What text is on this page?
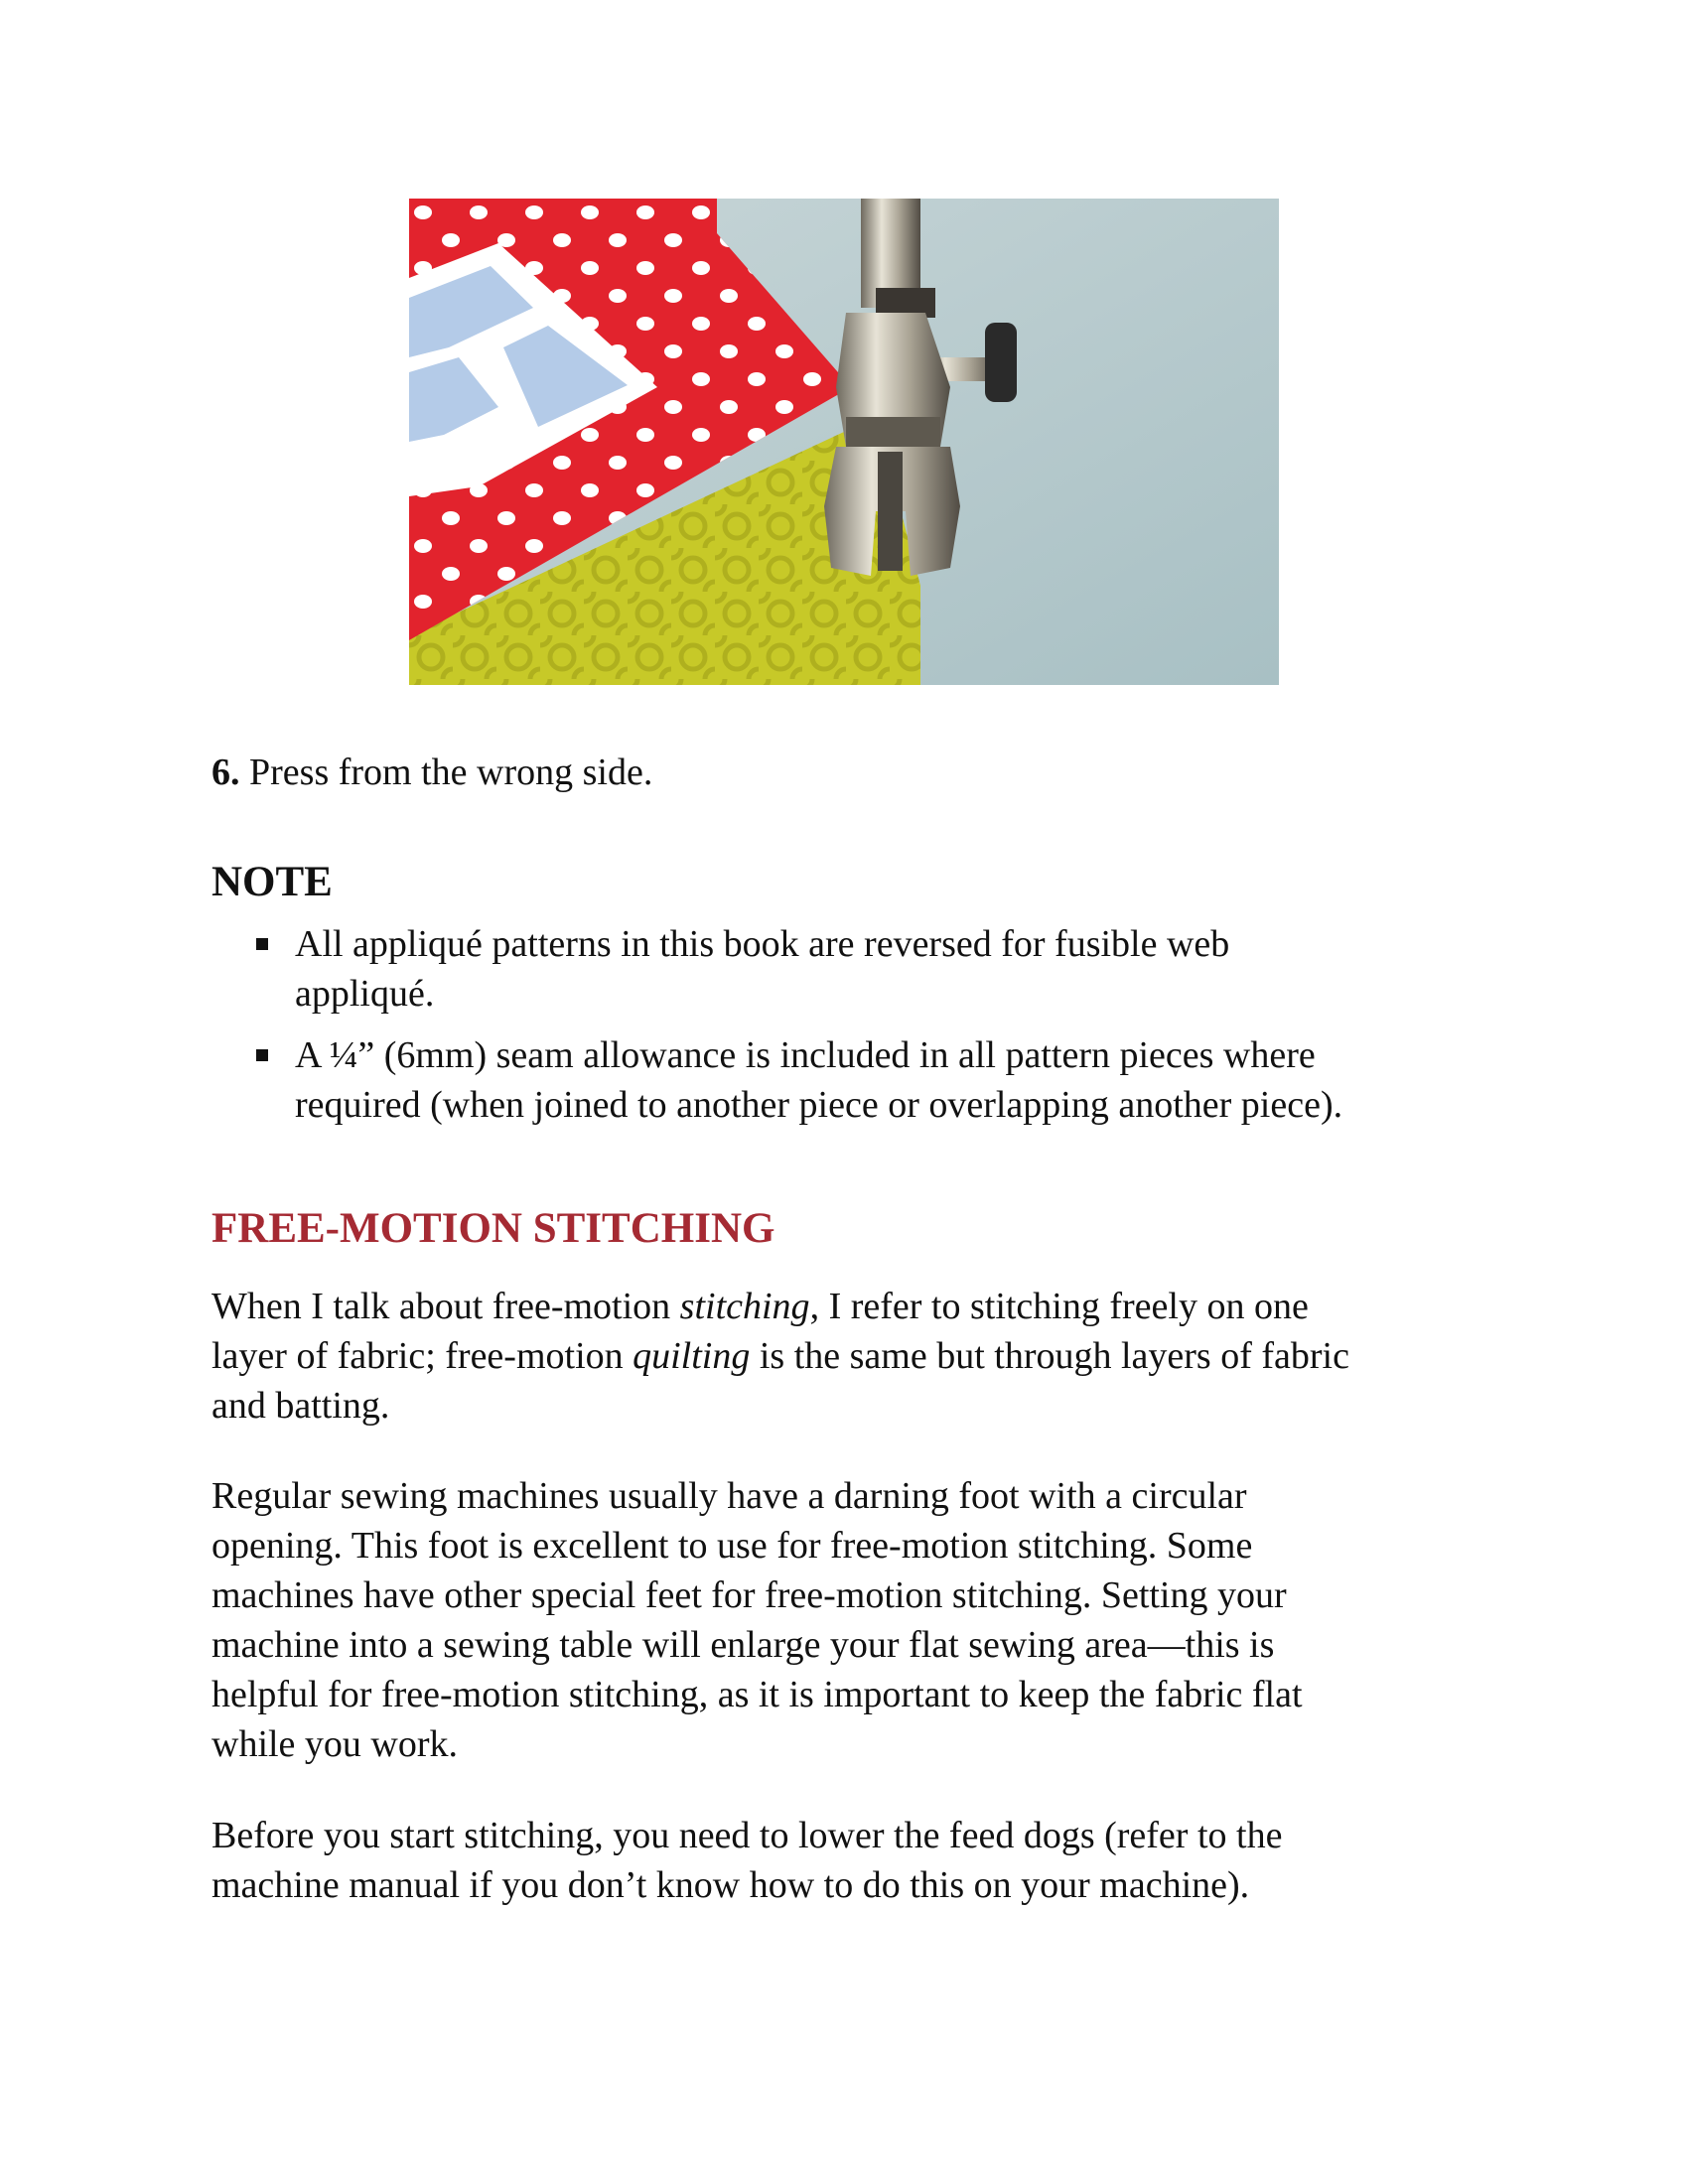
6. Press from the wrong side.

NOTE
All appliqué patterns in this book are reversed for fusible web
appliqué.
A ¼” (6mm) seam allowance is included in all pattern pieces where
required (when joined to another piece or overlapping another piece).
FREE-MOTION STITCHING
When I talk about free-motion stitching, I refer to stitching freely on one
layer of fabric; free-motion quilting is the same but through layers of fabric
and batting.
Regular sewing machines usually have a darning foot with a circular
opening. This foot is excellent to use for free-motion stitching. Some
machines have other special feet for free-motion stitching. Setting your
machine into a sewing table will enlarge your flat sewing area—this is
helpful for free-motion stitching, as it is important to keep the fabric flat
while you work.
Before you start stitching, you need to lower the feed dogs (refer to the
machine manual if you don’t know how to do this on your machine).
